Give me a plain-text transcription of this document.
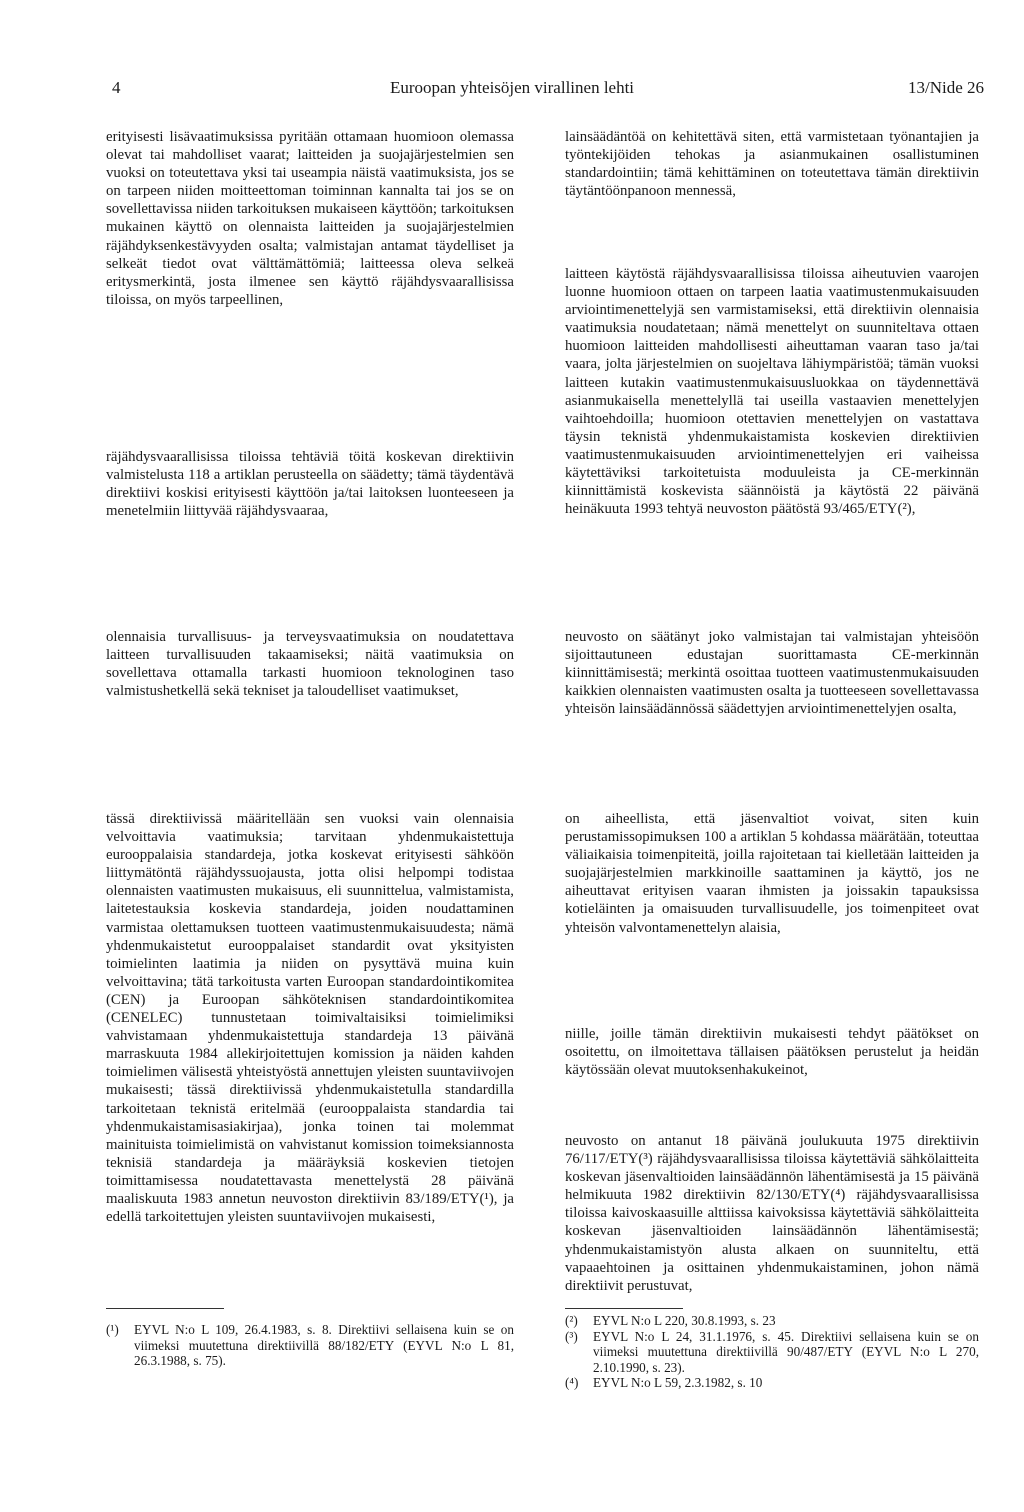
4	Euroopan yhteisöjen virallinen lehti	13/Nide 26

erityisesti lisävaatimuksissa pyritään ottamaan huomioon olemassa olevat tai mahdolliset vaarat; laitteiden ja suojajärjestelmien sen vuoksi on toteutettava yksi tai useampia näistä vaatimuksista, jos se on tarpeen niiden moitteettoman toiminnan kannalta tai jos se on sovellettavissa niiden tarkoituksen mukaiseen käyttöön; tarkoituksen mukainen käyttö on olennaista laitteiden ja suojajärjestelmien räjähdyksenkestävyyden osalta; valmistajan antamat täydelliset ja selkeät tiedot ovat välttämättömiä; laitteessa oleva selkeä eritysmerkintä, josta ilmenee sen käyttö räjähdysvaarallisissa tiloissa, on myös tarpeellinen,

räjähdysvaarallisissa tiloissa tehtäviä töitä koskevan direktiivin valmistelusta 118 a artiklan perusteella on säädetty; tämä täydentävä direktiivi koskisi erityisesti käyttöön ja/tai laitoksen luonteeseen ja menetelmiin liittyvää räjähdysvaaraa,

olennaisia turvallisuus- ja terveysvaatimuksia on noudatettava laitteen turvallisuuden takaamiseksi; näitä vaatimuksia on sovellettava ottamalla tarkasti huomioon teknologinen taso valmistushetkellä sekä tekniset ja taloudelliset vaatimukset,

tässä direktiivissä määritellään sen vuoksi vain olennaisia velvoittavia vaatimuksia; tarvitaan yhdenmukaistettuja eurooppalaisia standardeja, jotka koskevat erityisesti sähköön liittymätöntä räjähdyssuojausta, jotta olisi helpompi todistaa olennaisten vaatimusten mukaisuus, eli suunnittelua, valmistamista, laitetestauksia koskevia standardeja, joiden noudattaminen varmistaa olettamuksen tuotteen vaatimustenmukaisuudesta; nämä yhdenmukaistetut eurooppalaiset standardit ovat yksityisten toimielinten laatimia ja niiden on pysyttävä muina kuin velvoittavina; tätä tarkoitusta varten Euroopan standardointikomitea (CEN) ja Euroopan sähköteknisen standardointikomitea (CENELEC) tunnustetaan toimivaltaisiksi toimielimiksi vahvistamaan yhdenmukaistettuja standardeja 13 päivänä marraskuuta 1984 allekirjoitettujen komission ja näiden kahden toimielimen välisestä yhteistyöstä annettujen yleisten suuntaviivojen mukaisesti; tässä direktiivissä yhdenmukaistetulla standardilla tarkoitetaan teknistä eritelmää (eurooppalaista standardia tai yhdenmukaistamisasiakirjaa), jonka toinen tai molemmat mainituista toimielimistä on vahvistanut komission toimeksiannosta teknisiä standardeja ja määräyksiä koskevien tietojen toimittamisessa noudatettavasta menettelystä 28 päivänä maaliskuuta 1983 annetun neuvoston direktiivin 83/189/ETY(¹), ja edellä tarkoitettujen yleisten suuntaviivojen mukaisesti,

lainsäädäntöä on kehitettävä siten, että varmistetaan työnantajien ja työntekijöiden tehokas ja asianmukainen osallistuminen standardointiin; tämä kehittäminen on toteutettava tämän direktiivin täytäntöönpanoon mennessä,

laitteen käytöstä räjähdysvaarallisissa tiloissa aiheutuvien vaarojen luonne huomioon ottaen on tarpeen laatia vaatimustenmukaisuuden arviointimenettelyjä sen varmistamiseksi, että direktiivin olennaisia vaatimuksia noudatetaan; nämä menettelyt on suunniteltava ottaen huomioon laitteiden mahdollisesti aiheuttaman vaaran taso ja/tai vaara, jolta järjestelmien on suojeltava lähiympäristöä; tämän vuoksi laitteen kutakin vaatimustenmukaisuusluokkaa on täydennettävä asianmukaisella menettelyllä tai useilla vastaavien menettelyjen vaihtoehdoilla; huomioon otettavien menettelyjen on vastattava täysin teknistä yhdenmukaistamista koskevien direktiivien vaatimustenmukaisuuden arviointimenettelyjen eri vaiheissa käytettäviksi tarkoitetuista moduuleista ja CE-merkinnän kiinnittämistä koskevista säännöistä ja käytöstä 22 päivänä heinäkuuta 1993 tehtyä neuvoston päätöstä 93/465/ETY(²),

neuvosto on säätänyt joko valmistajan tai valmistajan yhteisöön sijoittautuneen edustajan suorittamasta CE-merkinnän kiinnittämisestä; merkintä osoittaa tuotteen vaatimustenmukaisuuden kaikkien olennaisten vaatimusten osalta ja tuotteeseen sovellettavassa yhteisön lainsäädännössä säädettyjen arviointimenettelyjen osalta,

on aiheellista, että jäsenvaltiot voivat, siten kuin perustamissopimuksen 100 a artiklan 5 kohdassa määrätään, toteuttaa väliaikaisia toimenpiteitä, joilla rajoitetaan tai kielletään laitteiden ja suojajärjestelmien markkinoille saattaminen ja käyttö, jos ne aiheuttavat erityisen vaaran ihmisten ja joissakin tapauksissa kotieläinten ja omaisuuden turvallisuudelle, jos toimenpiteet ovat yhteisön valvontamenettelyn alaisia,

niille, joille tämän direktiivin mukaisesti tehdyt päätökset on osoitettu, on ilmoitettava tällaisen päätöksen perustelut ja heidän käytössään olevat muutoksenhakukeinot,

neuvosto on antanut 18 päivänä joulukuuta 1975 direktiivin 76/117/ETY(³) räjähdysvaarallisissa tiloissa käytettäviä sähkölaitteita koskevan jäsenvaltioiden lainsäädännön lähentämisestä ja 15 päivänä helmikuuta 1982 direktiivin 82/130/ETY(⁴) räjähdysvaarallisissa tiloissa kaivoskaasuille alttiissa kaivoksissa käytettäviä sähkölaitteita koskevan jäsenvaltioiden lainsäädännön lähentämisestä; yhdenmukaistamistyön alusta alkaen on suunniteltu, että vapaaehtoinen ja osittainen yhdenmukaistaminen, johon nämä direktiivit perustuvat,

(¹)	EYVL N:o L 109, 26.4.1983, s. 8. Direktiivi sellaisena kuin se on viimeksi muutettuna direktiivillä 88/182/ETY (EYVL N:o L 81, 26.3.1988, s. 75).
(²)	EYVL N:o L 220, 30.8.1993, s. 23
(³)	EYVL N:o L 24, 31.1.1976, s. 45. Direktiivi sellaisena kuin se on viimeksi muutettuna direktiivillä 90/487/ETY (EYVL N:o L 270, 2.10.1990, s. 23).
(⁴)	EYVL N:o L 59, 2.3.1982, s. 10
